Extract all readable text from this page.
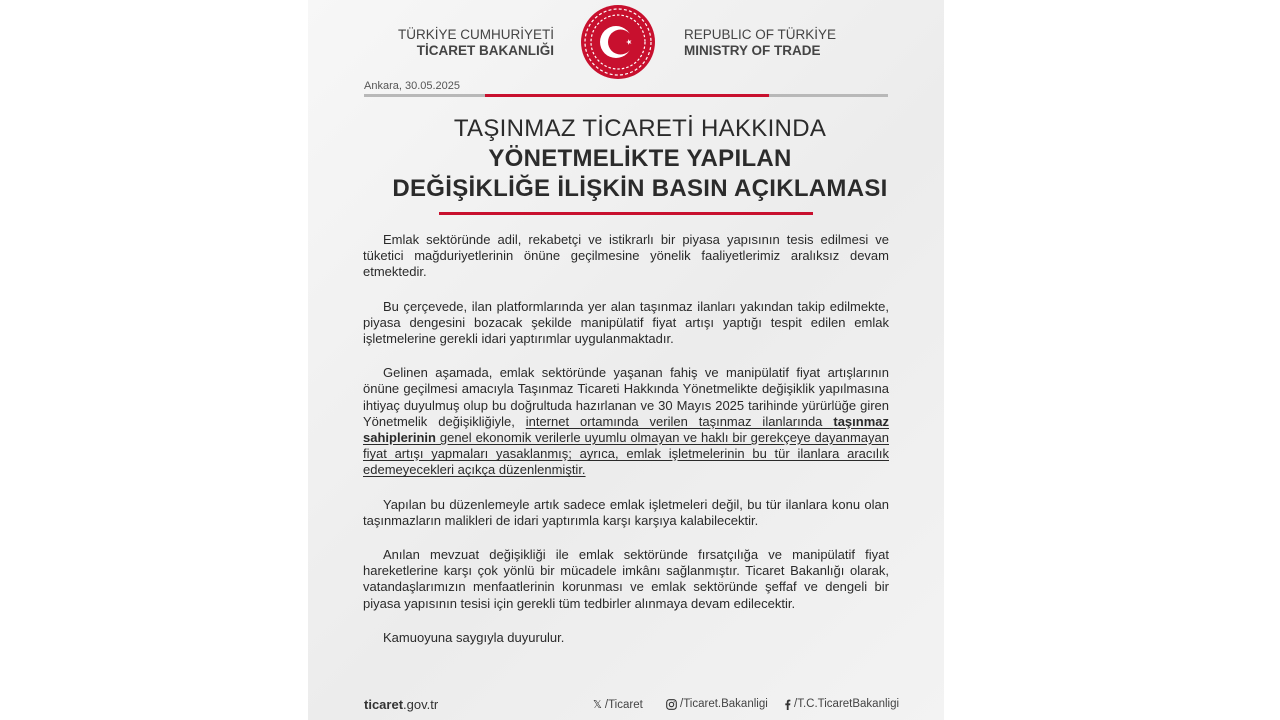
TÜRKİYE CUMHURİYETİ
TİCARET BAKANLIĞI
REPUBLIC OF TÜRKİYE
MINISTRY OF TRADE
Ankara, 30.05.2025
TAŞINMAZ TİCARETİ HAKKINDA
YÖNETMELİKTE YAPILAN
DEĞİŞİKLİĞE İLİŞKİN BASIN AÇIKLAMASI

Emlak sektöründe adil, rekabetçi ve istikrarlı bir piyasa yapısının tesis edilmesi ve tüketici mağduriyetlerinin önüne geçilmesine yönelik faaliyetlerimiz aralıksız devam etmektedir.

Bu çerçevede, ilan platformlarında yer alan taşınmaz ilanları yakından takip edilmekte, piyasa dengesini bozacak şekilde manipülatif fiyat artışı yaptığı tespit edilen emlak işletmelerine gerekli idari yaptırımlar uygulanmaktadır.

Gelinen aşamada, emlak sektöründe yaşanan fahiş ve manipülatif fiyat artışlarının önüne geçilmesi amacıyla Taşınmaz Ticareti Hakkında Yönetmelikte değişiklik yapılmasına ihtiyaç duyulmuş olup bu doğrultuda hazırlanan ve 30 Mayıs 2025 tarihinde yürürlüğe giren Yönetmelik değişikliğiyle, internet ortamında verilen taşınmaz ilanlarında taşınmaz sahiplerinin genel ekonomik verilerle uyumlu olmayan ve haklı bir gerekçeye dayanmayan fiyat artışı yapmaları yasaklanmış; ayrıca, emlak işletmelerinin bu tür ilanlara aracılık edemeyecekleri açıkça düzenlenmiştir.

Yapılan bu düzenlemeyle artık sadece emlak işletmeleri değil, bu tür ilanlara konu olan taşınmazların malikleri de idari yaptırımla karşı karşıya kalabilecektir.

Anılan mevzuat değişikliği ile emlak sektöründe fırsatçılığa ve manipülatif fiyat hareketlerine karşı çok yönlü bir mücadele imkânı sağlanmıştır. Ticaret Bakanlığı olarak, vatandaşlarımızın menfaatlerinin korunması ve emlak sektöründe şeffaf ve dengeli bir piyasa yapısının tesisi için gerekli tüm tedbirler alınmaya devam edilecektir.

Kamuoyuna saygıyla duyurulur.

ticaret.gov.tr	𝕏 /Ticaret	/Ticaret.Bakanligi /T.C.TicaretBakanligi
